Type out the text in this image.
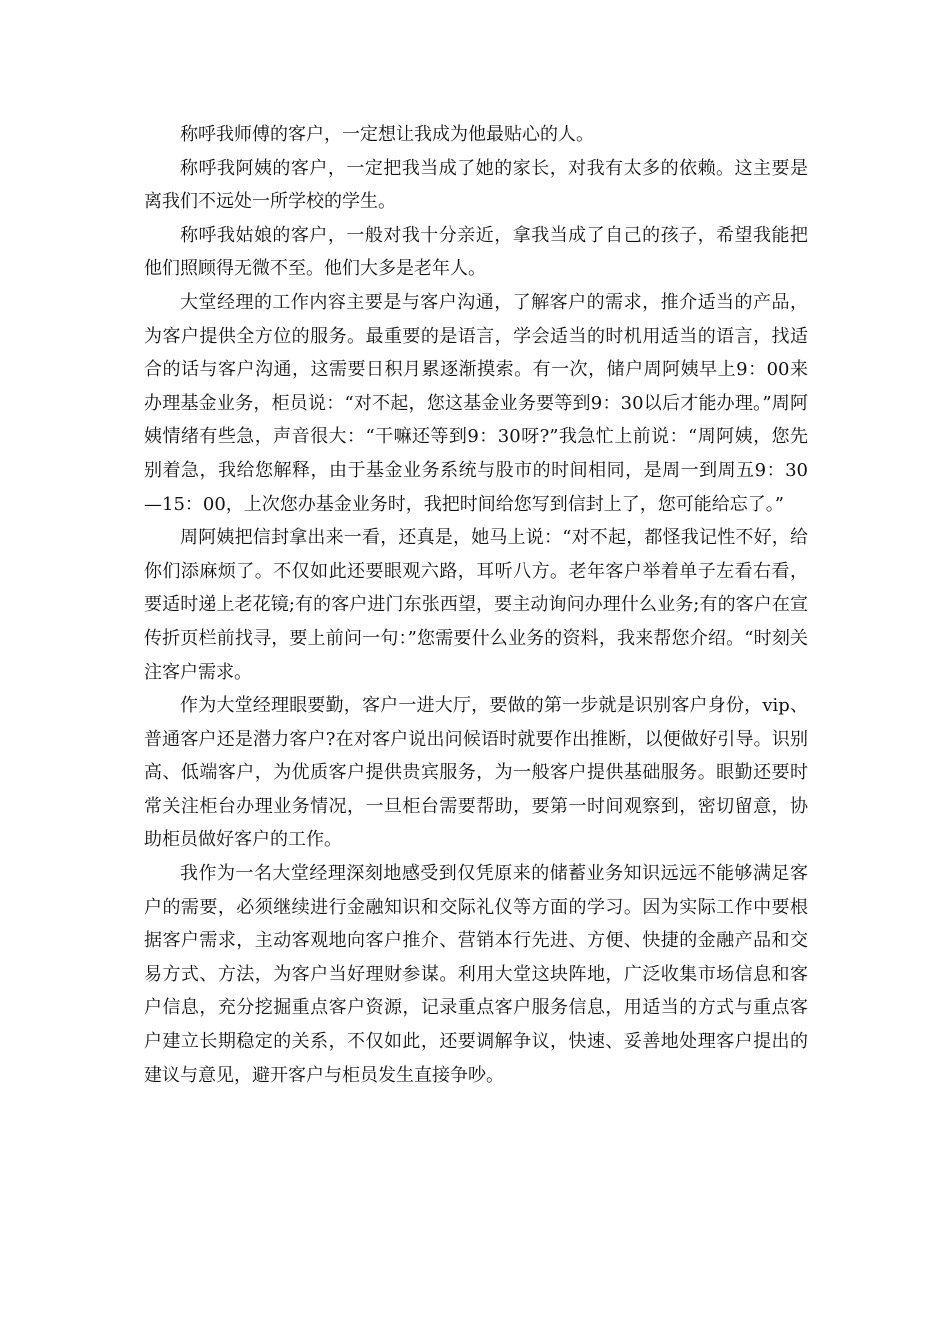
称呼我师傅的客户，一定想让我成为他最贴心的人。

称呼我阿姨的客户，一定把我当成了她的家长，对我有太多的依赖。这主要是离我们不远处一所学校的学生。

称呼我姑娘的客户，一般对我十分亲近，拿我当成了自己的孩子，希望我能把他们照顾得无微不至。他们大多是老年人。

大堂经理的工作内容主要是与客户沟通，了解客户的需求，推介适当的产品，为客户提供全方位的服务。最重要的是语言，学会适当的时机用适当的语言，找适合的话与客户沟通，这需要日积月累逐渐摸索。有一次，储户周阿姨早上9：00来办理基金业务，柜员说：“对不起，您这基金业务要等到9：30以后才能办理。”周阿姨情绪有些急，声音很大：“干嘛还等到9：30呀?”我急忙上前说：“周阿姨，您先别着急，我给您解释，由于基金业务系统与股市的时间相同，是周一到周五9：30—15：00，上次您办基金业务时，我把时间给您写到信封上了，您可能给忘了。”

周阿姨把信封拿出来一看，还真是，她马上说：“对不起，都怪我记性不好，给你们添麻烦了。不仅如此还要眼观六路，耳听八方。老年客户举着单子左看右看，要适时递上老花镜;有的客户进门东张西望，要主动询问办理什么业务;有的客户在宣传折页栏前找寻，要上前问一句：”您需要什么业务的资料，我来帮您介绍。“时刻关注客户需求。

作为大堂经理眼要勤，客户一进大厅，要做的第一步就是识别客户身份，vip、普通客户还是潜力客户?在对客户说出问候语时就要作出推断，以便做好引导。识别高、低端客户，为优质客户提供贵宾服务，为一般客户提供基础服务。眼勤还要时常关注柜台办理业务情况，一旦柜台需要帮助，要第一时间观察到，密切留意，协助柜员做好客户的工作。

我作为一名大堂经理深刻地感受到仅凭原来的储蓄业务知识远远不能够满足客户的需要，必须继续进行金融知识和交际礼仪等方面的学习。因为实际工作中要根据客户需求，主动客观地向客户推介、营销本行先进、方便、快捷的金融产品和交易方式、方法，为客户当好理财参谋。利用大堂这块阵地，广泛收集市场信息和客户信息，充分挖掘重点客户资源，记录重点客户服务信息，用适当的方式与重点客户建立长期稳定的关系，不仅如此，还要调解争议，快速、妥善地处理客户提出的建议与意见，避开客户与柜员发生直接争吵。
